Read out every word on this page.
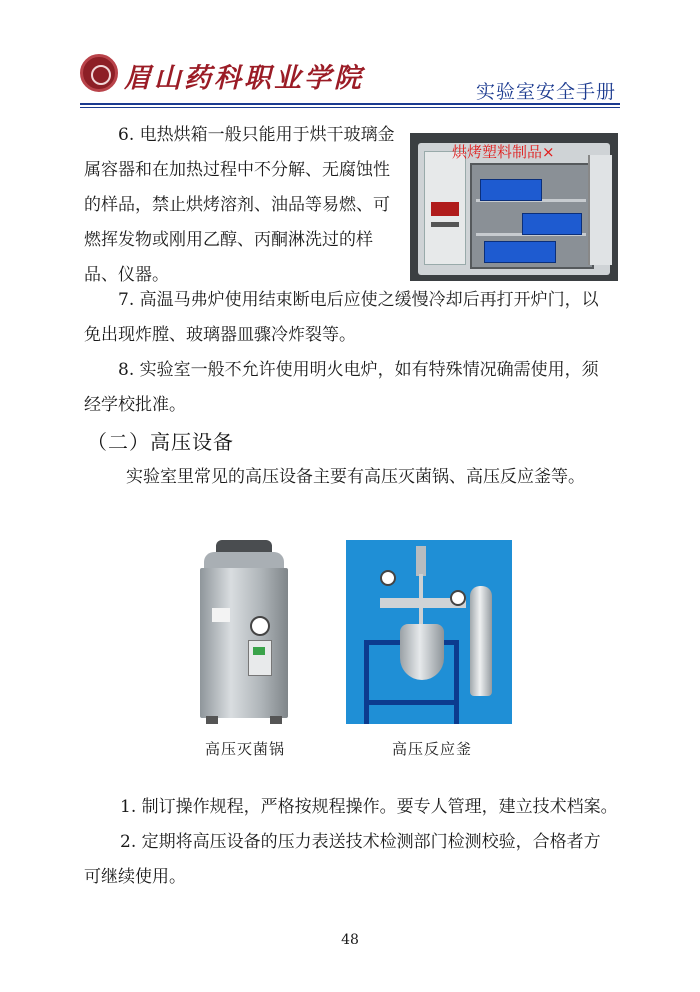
眉山药科职业学院	实验室安全手册
6. 电热烘箱一般只能用于烘干玻璃金
属容器和在加热过程中不分解、无腐蚀性
的样品，禁止烘烤溶剂、油品等易燃、可
燃挥发物或刚用乙醇、丙酮淋洗过的样
品、仪器。
烘烤塑料制品×
7. 高温马弗炉使用结束断电后应使之缓慢冷却后再打开炉门，以
免出现炸膛、玻璃器皿骤冷炸裂等。
8. 实验室一般不允许使用明火电炉，如有特殊情况确需使用，须
经学校批准。
（二）高压设备
实验室里常见的高压设备主要有高压灭菌锅、高压反应釜等。
高压灭菌锅	高压反应釜
1. 制订操作规程，严格按规程操作。要专人管理，建立技术档案。
2. 定期将高压设备的压力表送技术检测部门检测校验，合格者方
可继续使用。
48
